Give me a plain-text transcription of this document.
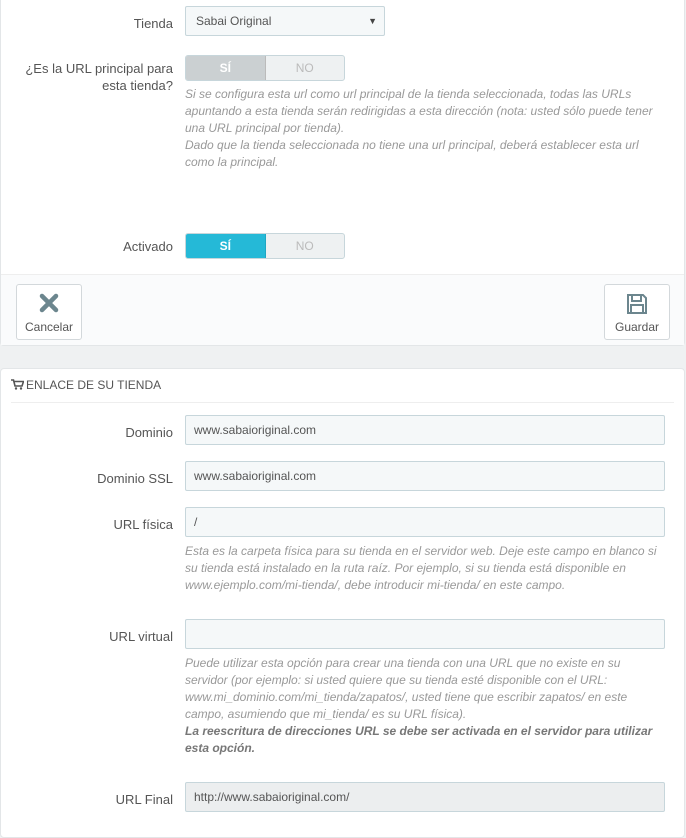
Tienda	Sabai Original	▼
¿Es la URL principal para
esta tienda?
SÍ	NO

Si se configura esta url como url principal de la tienda seleccionada, todas las URLs apuntando a esta tienda serán redirigidas a esta dirección (nota: usted sólo puede tener una URL principal por tienda).

Dado que la tienda seleccionada no tiene una url principal, deberá establecer esta url como la principal.

Activado	SÍ	NO
Cancelar	Guardar
ENLACE DE SU TIENDA
Dominio	www.sabaioriginal.com
Dominio SSL	www.sabaioriginal.com
URL física	/
Esta es la carpeta física para su tienda en el servidor web. Deje este campo en blanco si su tienda está instalado en la ruta raíz. Por ejemplo, si su tienda está disponible en www.ejemplo.com/mi-tienda/, debe introducir mi-tienda/ en este campo.
URL virtual

Puede utilizar esta opción para crear una tienda con una URL que no existe en su servidor (por ejemplo: si usted quiere que su tienda esté disponible con el URL: www.mi_dominio.com/mi_tienda/zapatos/, usted tiene que escribir zapatos/ en este campo, asumiendo que mi_tienda/ es su URL física).

La reescritura de direcciones URL se debe ser activada en el servidor para utilizar esta opción.

URL Final	http://www.sabaioriginal.com/
